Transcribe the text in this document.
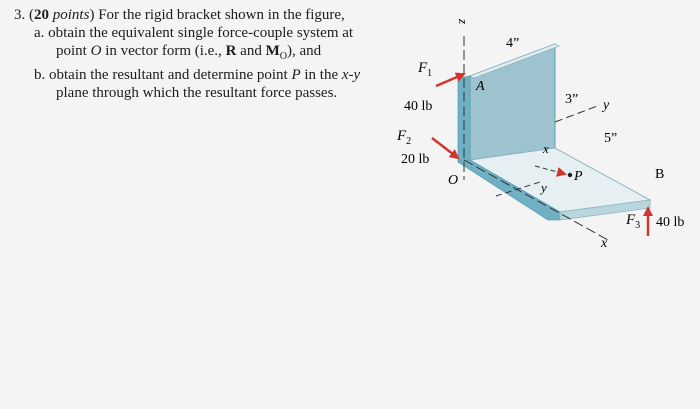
3. (20 points) For the rigid bracket shown in the figure,
a. obtain the equivalent single force-couple system at
point O in vector form (i.e., R and $M_O$), and
b. obtain the resultant and determine point P in the x-y
plane through which the resultant force passes.
z
4”
3”
5”
$F_1$
40 lb
$F_2$
20 lb
$F_3$ 40 lb
A
O	B
P
x
y
y
x
